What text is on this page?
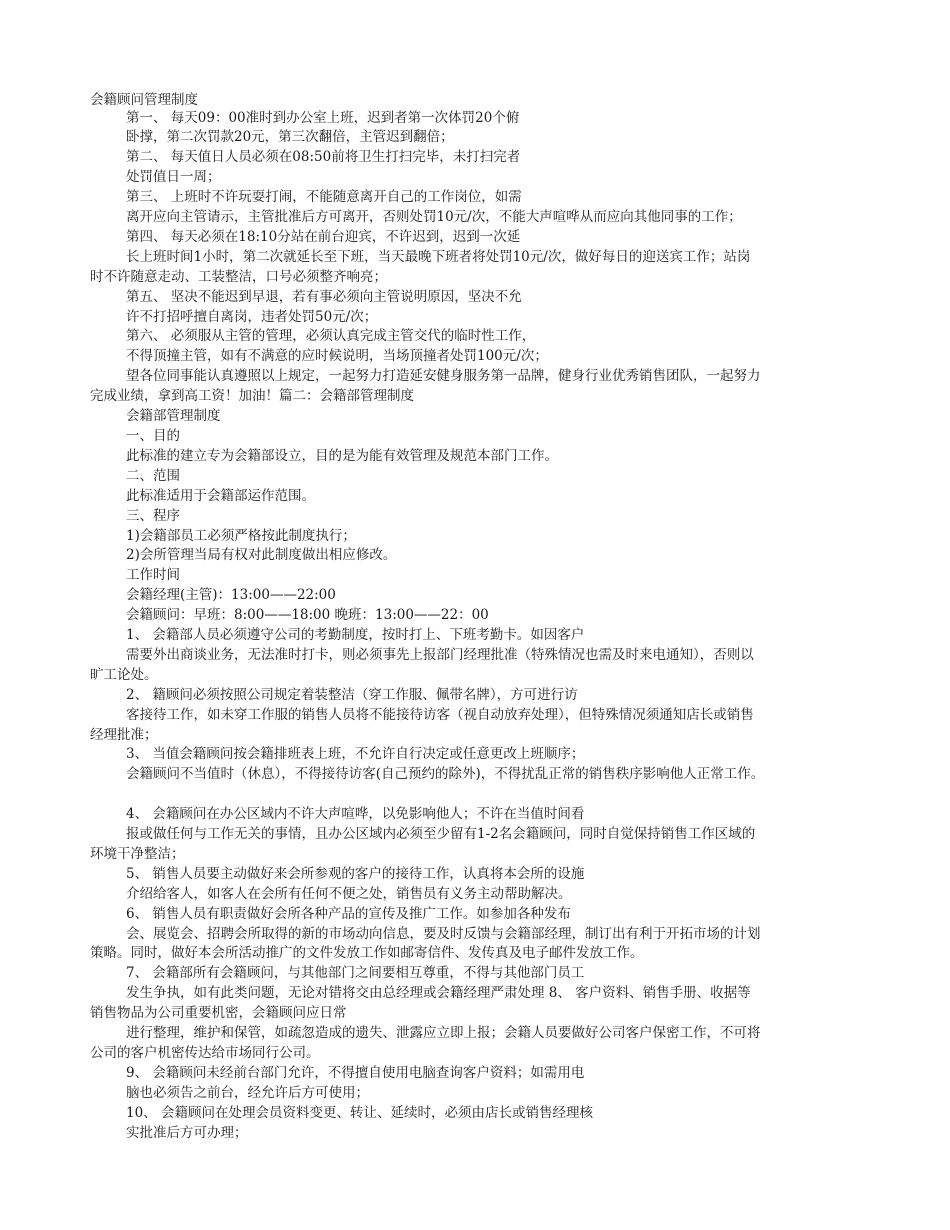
会籍顾问管理制度
第一、 每天09：00准时到办公室上班，迟到者第一次体罚20个俯
卧撑，第二次罚款20元，第三次翻倍，主管迟到翻倍；
第二、 每天值日人员必须在08:50前将卫生打扫完毕，未打扫完者
处罚值日一周；
第三、 上班时不许玩耍打闹，不能随意离开自己的工作岗位，如需
离开应向主管请示，主管批准后方可离开，否则处罚10元/次，不能大声喧哗从而应向其他同事的工作；
第四、 每天必须在18:10分站在前台迎宾，不许迟到，迟到一次延
长上班时间1小时，第二次就延长至下班，当天最晚下班者将处罚10元/次，做好每日的迎送宾工作；站岗
时不许随意走动、工装整洁，口号必须整齐响亮；
第五、 坚决不能迟到早退，若有事必须向主管说明原因，坚决不允
许不打招呼擅自离岗，违者处罚50元/次；
第六、 必须服从主管的管理，必须认真完成主管交代的临时性工作，
不得顶撞主管，如有不满意的应时候说明，当场顶撞者处罚100元/次；
望各位同事能认真遵照以上规定，一起努力打造延安健身服务第一品牌，健身行业优秀销售团队，一起努力
完成业绩，拿到高工资！加油！篇二：会籍部管理制度
会籍部管理制度
一、目的
此标准的建立专为会籍部设立，目的是为能有效管理及规范本部门工作。
二、范围
此标准适用于会籍部运作范围。
三、程序
1)会籍部员工必须严格按此制度执行；
2)会所管理当局有权对此制度做出相应修改。
工作时间
会籍经理(主管)：13:00——22:00
会籍顾问：早班：8:00——18:00 晚班：13:00——22：00
1、 会籍部人员必须遵守公司的考勤制度，按时打上、下班考勤卡。如因客户
需要外出商谈业务，无法准时打卡，则必须事先上报部门经理批准（特殊情况也需及时来电通知），否则以
旷工论处。
2、 籍顾问必须按照公司规定着装整洁（穿工作服、佩带名牌），方可进行访
客接待工作，如未穿工作服的销售人员将不能接待访客（视自动放弃处理），但特殊情况须通知店长或销售
经理批准；
3、 当值会籍顾问按会籍排班表上班，不允许自行决定或任意更改上班顺序；
会籍顾问不当值时（休息），不得接待访客(自己预约的除外)，不得扰乱正常的销售秩序影响他人正常工作。
4、 会籍顾问在办公区域内不许大声喧哗，以免影响他人；不许在当值时间看
报或做任何与工作无关的事情，且办公区域内必须至少留有1-2名会籍顾问，同时自觉保持销售工作区域的
环境干净整洁；
5、 销售人员要主动做好来会所参观的客户的接待工作，认真将本会所的设施
介绍给客人，如客人在会所有任何不便之处，销售员有义务主动帮助解决。
6、 销售人员有职责做好会所各种产品的宣传及推广工作。如参加各种发布
会、展览会、招聘会所取得的新的市场动向信息，要及时反馈与会籍部经理，制订出有利于开拓市场的计划
策略。同时，做好本会所活动推广的文件发放工作如邮寄信件、发传真及电子邮件发放工作。
7、 会籍部所有会籍顾问，与其他部门之间要相互尊重，不得与其他部门员工
发生争执，如有此类问题，无论对错将交由总经理或会籍经理严肃处理 8、 客户资料、销售手册、收据等
销售物品为公司重要机密，会籍顾问应日常
进行整理，维护和保管，如疏忽造成的遗失、泄露应立即上报；会籍人员要做好公司客户保密工作，不可将
公司的客户机密传达给市场同行公司。
9、 会籍顾问未经前台部门允许，不得擅自使用电脑查询客户资料；如需用电
脑也必须告之前台，经允许后方可使用；
10、 会籍顾问在处理会员资料变更、转让、延续时，必须由店长或销售经理核
实批准后方可办理；
